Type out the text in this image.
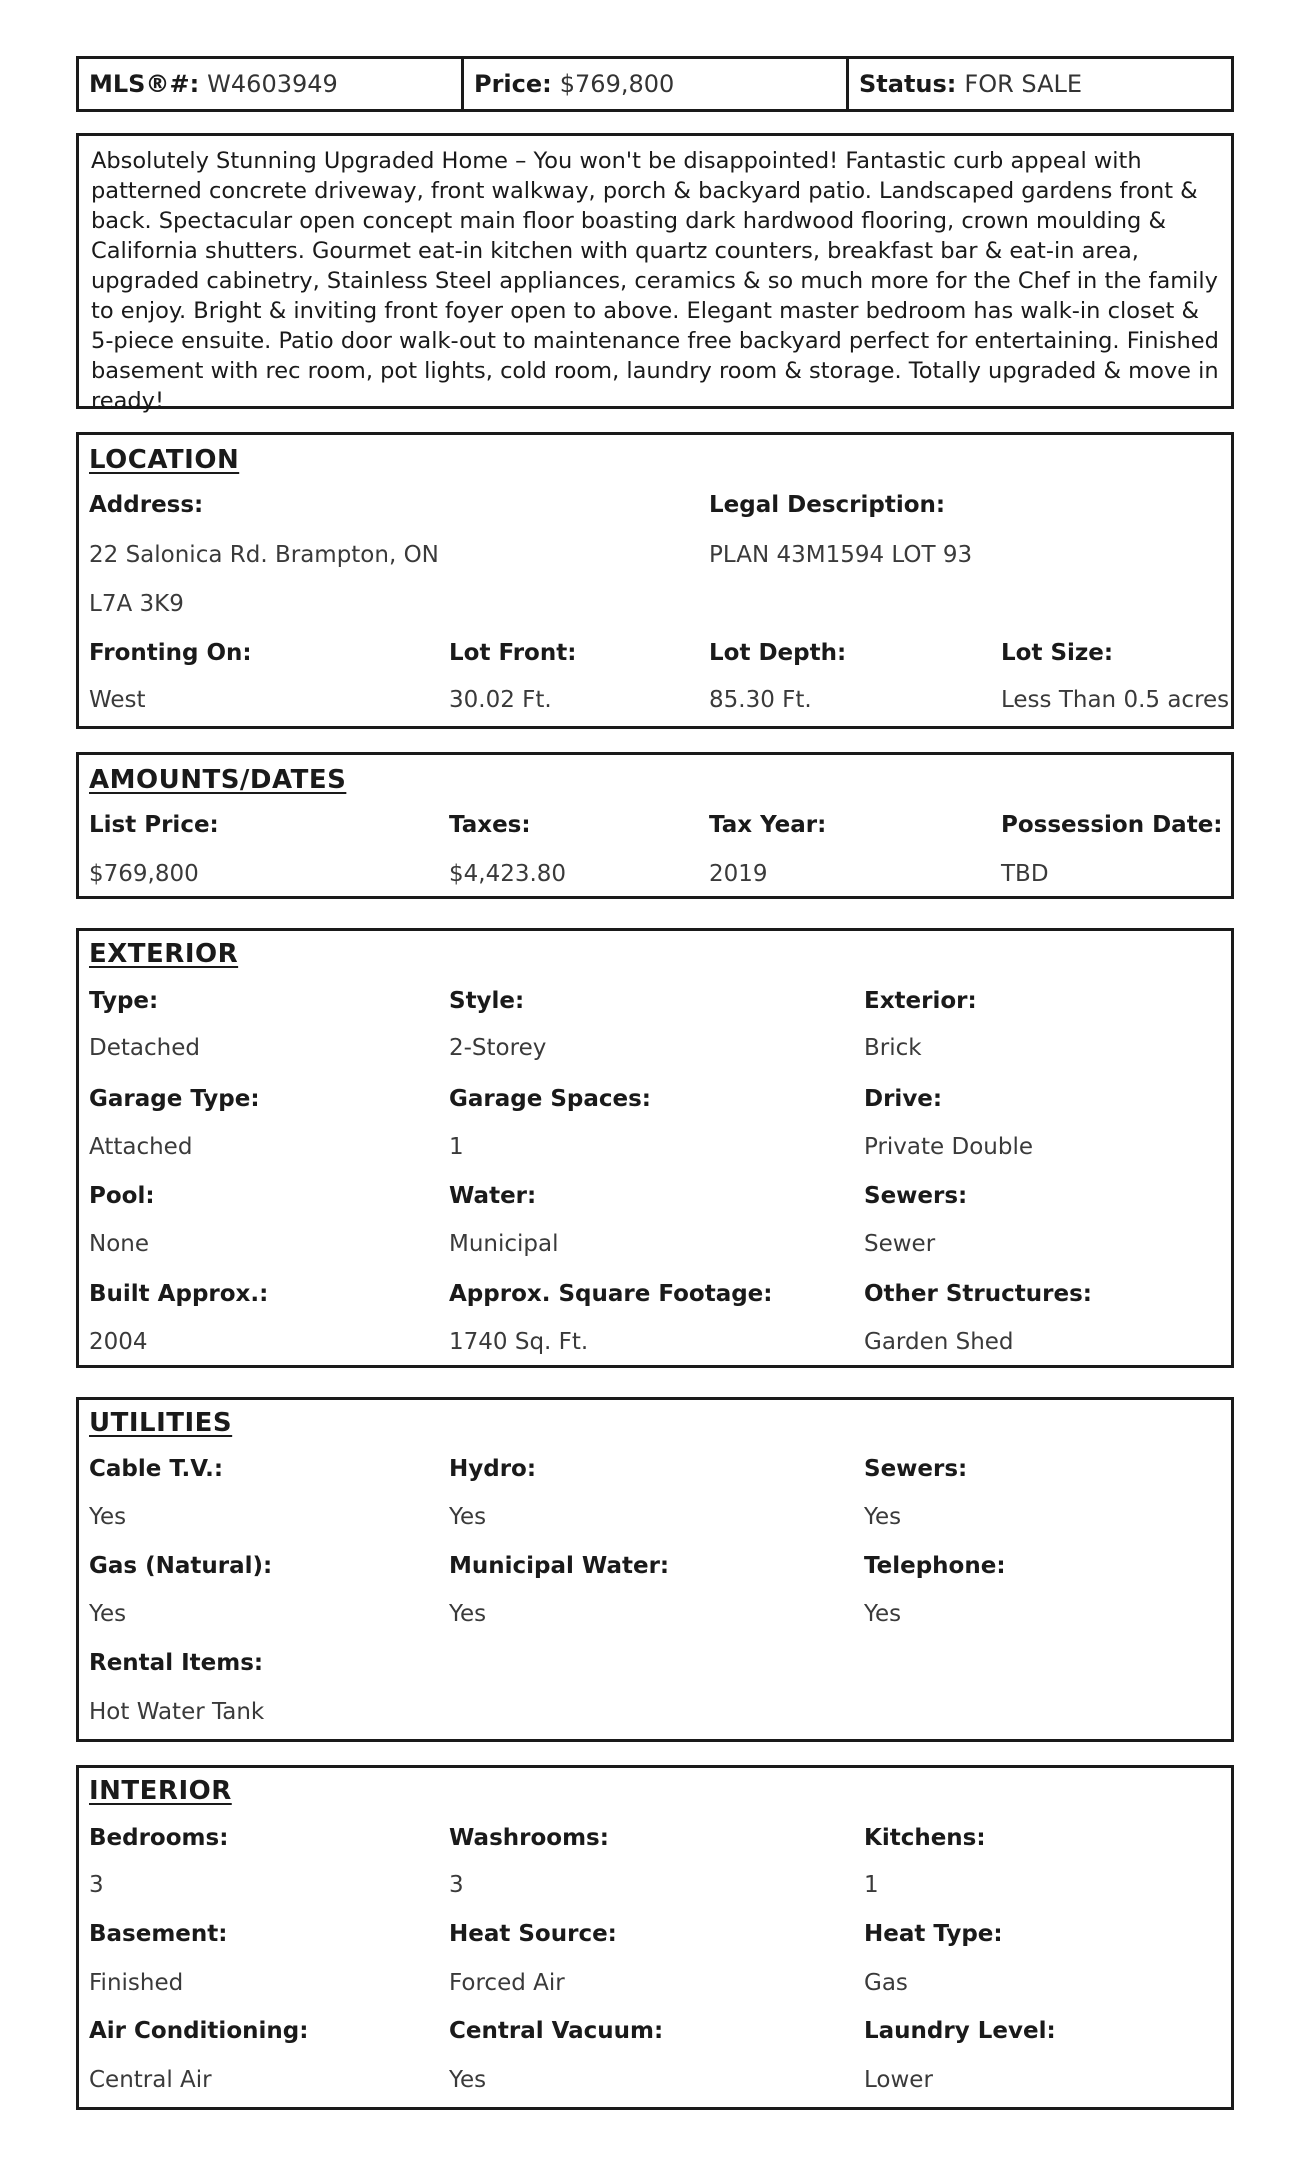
MLS®#: W4603949	Price: $769,800	Status: FOR SALE

Absolutely Stunning Upgraded Home – You won't be disappointed! Fantastic curb appeal with patterned concrete driveway, front walkway, porch & backyard patio. Landscaped gardens front & back. Spectacular open concept main floor boasting dark hardwood flooring, crown moulding & California shutters. Gourmet eat-in kitchen with quartz counters, breakfast bar & eat-in area, upgraded cabinetry, Stainless Steel appliances, ceramics & so much more for the Chef in the family to enjoy. Bright & inviting front foyer open to above. Elegant master bedroom has walk-in closet & 5-piece ensuite. Patio door walk-out to maintenance free backyard perfect for entertaining. Finished basement with rec room, pot lights, cold room, laundry room & storage. Totally upgraded & move in ready!

LOCATION
Address:
22 Salonica Rd. Brampton, ON
L7A 3K9
Legal Description:
PLAN 43M1594 LOT 93
Fronting On:
West
Lot Front:
30.02 Ft.
Lot Depth:
85.30 Ft.
Lot Size:
Less Than 0.5 acres
AMOUNTS/DATES
List Price:
$769,800
Taxes:
$4,423.80
Tax Year:
2019
Possession Date:
TBD
EXTERIOR
Type:
Detached
Style:
2-Storey
Exterior:
Brick
Garage Type:
Attached
Garage Spaces:
1
Drive:
Private Double
Pool:
None
Water:
Municipal
Sewers:
Sewer
Built Approx.:
2004
Approx. Square Footage:
1740 Sq. Ft.
Other Structures:
Garden Shed
UTILITIES
Cable T.V.:
Yes
Hydro:
Yes
Sewers:
Yes
Gas (Natural):
Yes
Municipal Water:
Yes
Telephone:
Yes
Rental Items:
Hot Water Tank
INTERIOR
Bedrooms:
3
Washrooms:
3
Kitchens:
1
Basement:
Finished
Heat Source:
Forced Air
Heat Type:
Gas
Air Conditioning:
Central Air
Central Vacuum:
Yes
Laundry Level:
Lower
